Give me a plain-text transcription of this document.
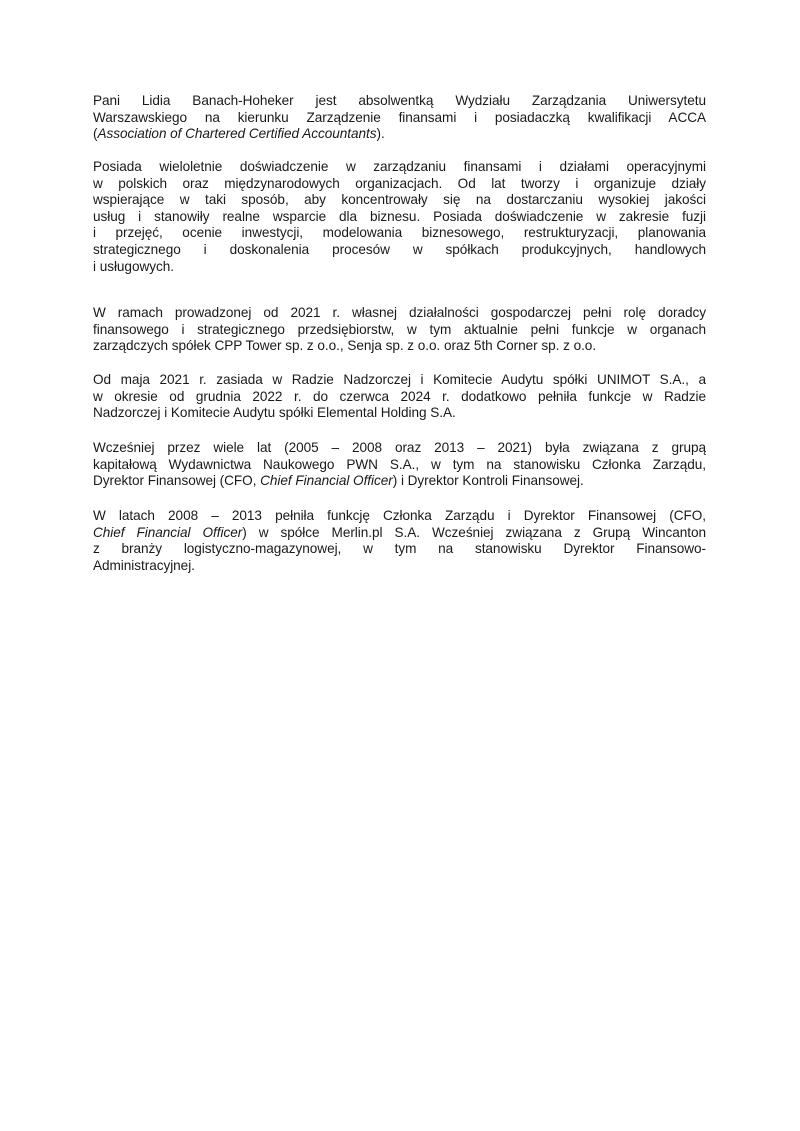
Pani Lidia Banach-Hoheker jest absolwentką Wydziału Zarządzania Uniwersytetu
Warszawskiego na kierunku Zarządzenie finansami i posiadaczką kwalifikacji ACCA
(Association of Chartered Certified Accountants).
Posiada wieloletnie doświadczenie w zarządzaniu finansami i działami operacyjnymi
w polskich oraz międzynarodowych organizacjach. Od lat tworzy i organizuje działy
wspierające w taki sposób, aby koncentrowały się na dostarczaniu wysokiej jakości
usług i stanowiły realne wsparcie dla biznesu. Posiada doświadczenie w zakresie fuzji
i przejęć, ocenie inwestycji, modelowania biznesowego, restrukturyzacji, planowania
strategicznego i doskonalenia procesów w spółkach produkcyjnych, handlowych
i usługowych.
W ramach prowadzonej od 2021 r. własnej działalności gospodarczej pełni rolę doradcy
finansowego i strategicznego przedsiębiorstw, w tym aktualnie pełni funkcje w organach
zarządczych spółek CPP Tower sp. z o.o., Senja sp. z o.o. oraz 5th Corner sp. z o.o.
Od maja 2021 r. zasiada w Radzie Nadzorczej i Komitecie Audytu spółki UNIMOT S.A., a
w okresie od grudnia 2022 r. do czerwca 2024 r. dodatkowo pełniła funkcje w Radzie
Nadzorczej i Komitecie Audytu spółki Elemental Holding S.A.
Wcześniej przez wiele lat (2005 – 2008 oraz 2013 – 2021) była związana z grupą
kapitałową Wydawnictwa Naukowego PWN S.A., w tym na stanowisku Członka Zarządu,
Dyrektor Finansowej (CFO, Chief Financial Officer) i Dyrektor Kontroli Finansowej.
W latach 2008 – 2013 pełniła funkcję Członka Zarządu i Dyrektor Finansowej (CFO,
Chief Financial Officer) w spółce Merlin.pl S.A. Wcześniej związana z Grupą Wincanton
z branży logistyczno-magazynowej, w tym na stanowisku Dyrektor Finansowo-
Administracyjnej.
